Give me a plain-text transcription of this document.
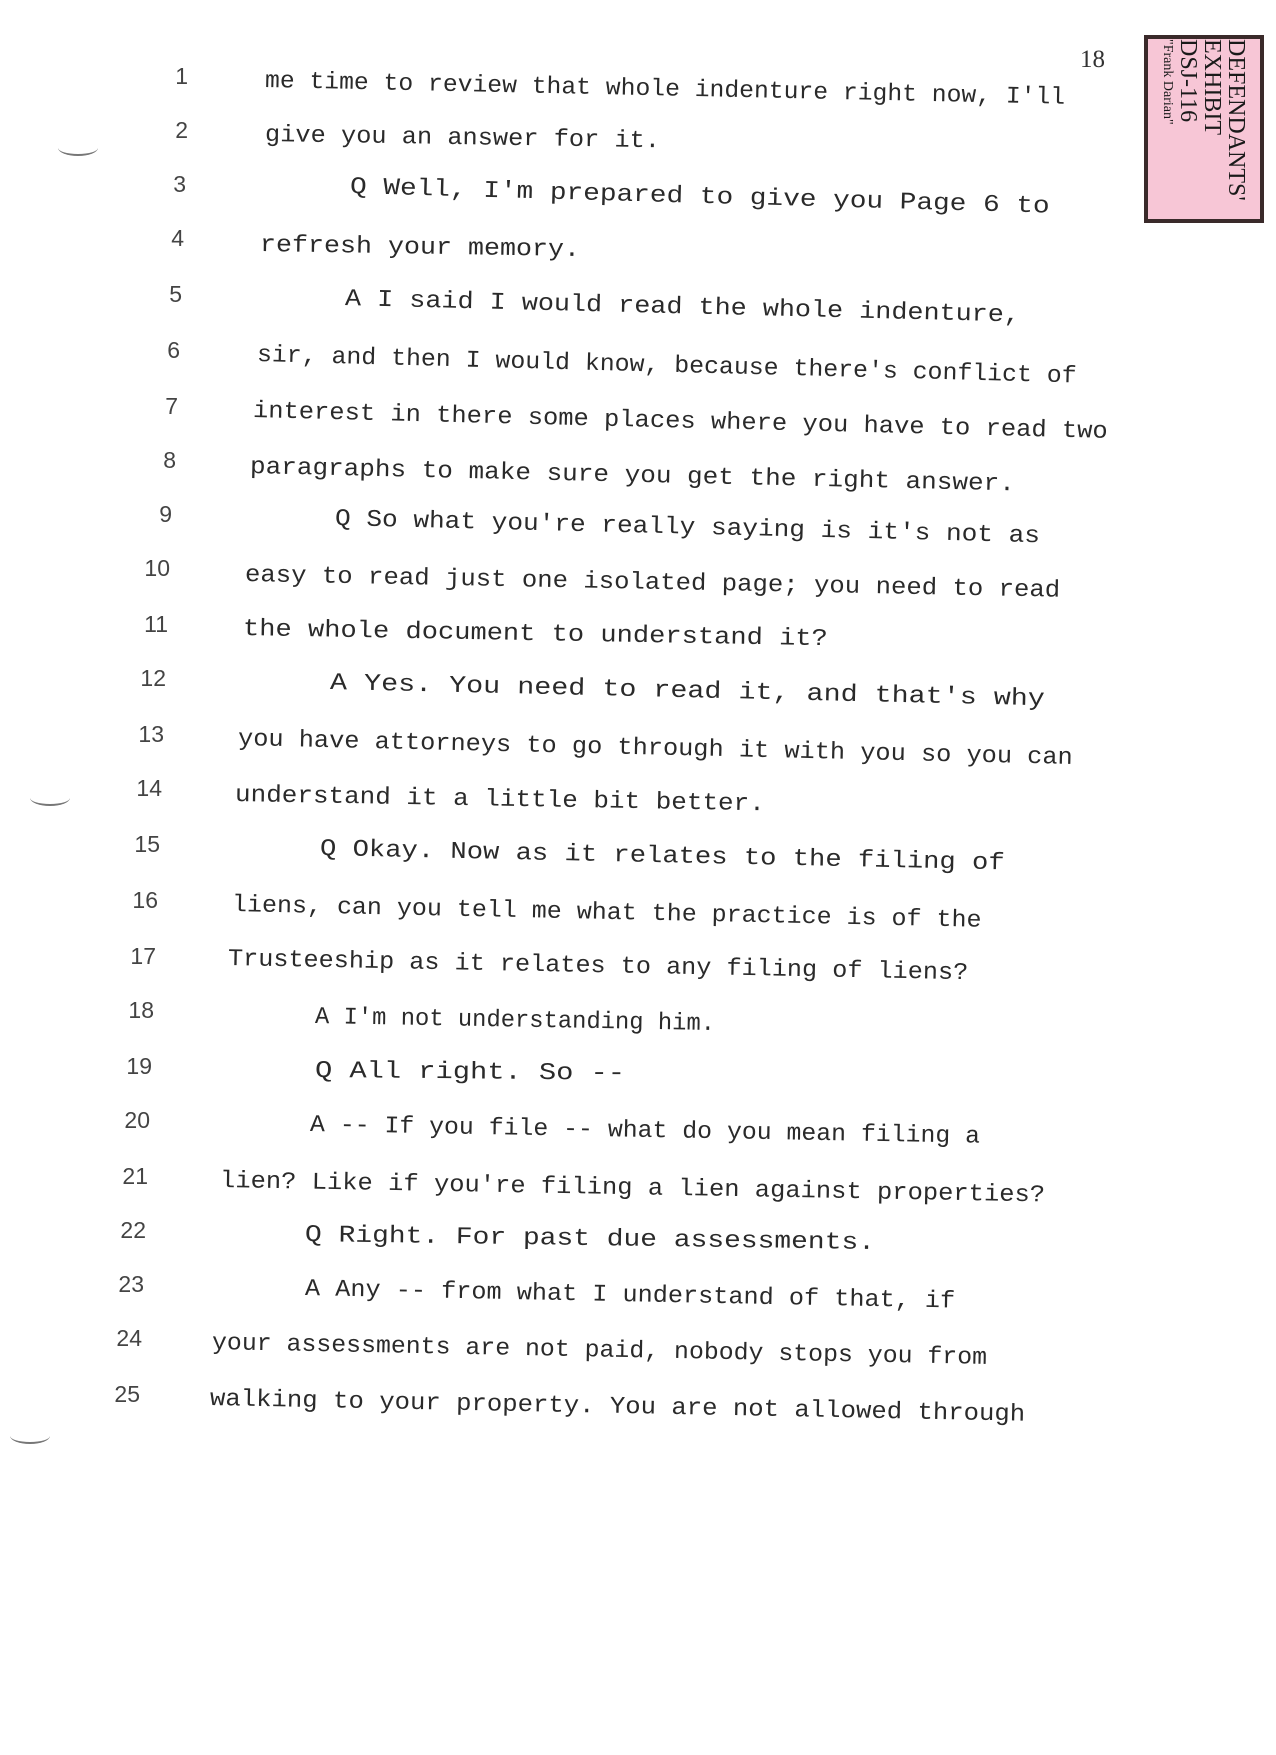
18	DEFENDANTS'
EXHIBIT
DSJ-116
"Frank Darian"
1	me time to review that whole indenture right now, I'll
2	give you an answer for it.
3	Q Well, I'm prepared to give you Page 6 to
4	refresh your memory.
5	A I said I would read the whole indenture,
6	sir, and then I would know, because there's conflict of
7	interest in there some places where you have to read two
8	paragraphs to make sure you get the right answer.
9	Q So what you're really saying is it's not as
10	easy to read just one isolated page; you need to read
11	the whole document to understand it?
12	A Yes. You need to read it, and that's why
13	you have attorneys to go through it with you so you can
14	understand it a little bit better.
15	Q Okay. Now as it relates to the filing of
16	liens, can you tell me what the practice is of the
17	Trusteeship as it relates to any filing of liens?
18	A I'm not understanding him.
19	Q All right. So --
20	A -- If you file -- what do you mean filing a
21	lien? Like if you're filing a lien against properties?
22	Q Right. For past due assessments.
23	A Any -- from what I understand of that, if
24	your assessments are not paid, nobody stops you from
25	walking to your property. You are not allowed through
